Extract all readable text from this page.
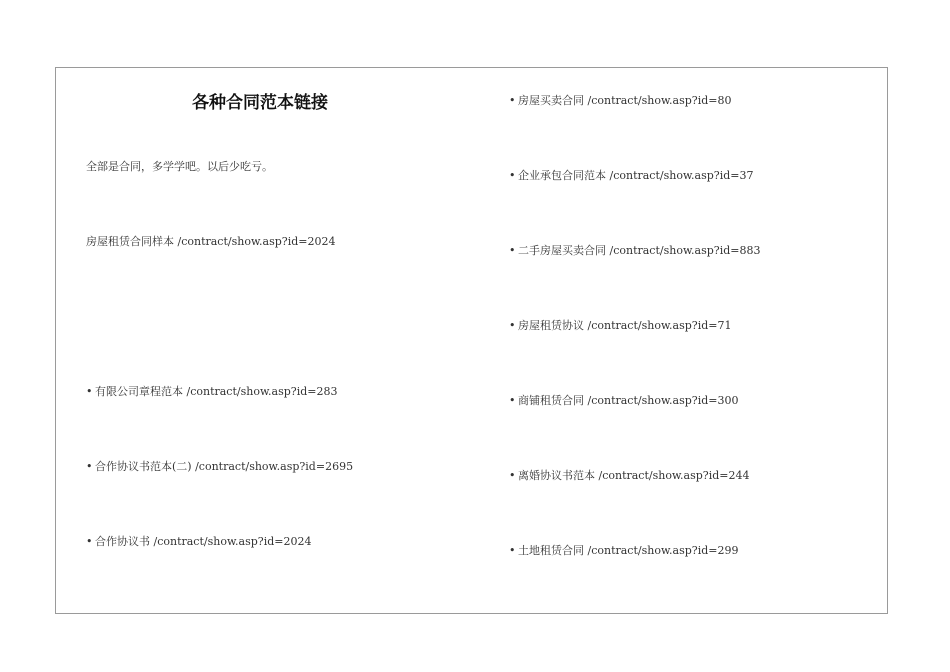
各种合同范本链接
全部是合同，多学学吧。以后少吃亏。
房屋租赁合同样本 /contract/show.asp?id=2024
• 有限公司章程范本 /contract/show.asp?id=283
• 合作协议书范本(二) /contract/show.asp?id=2695
• 合作协议书 /contract/show.asp?id=2024
• 房屋买卖合同 /contract/show.asp?id=80
• 企业承包合同范本 /contract/show.asp?id=37
• 二手房屋买卖合同 /contract/show.asp?id=883
• 房屋租赁协议 /contract/show.asp?id=71
• 商铺租赁合同 /contract/show.asp?id=300
• 离婚协议书范本 /contract/show.asp?id=244
• 土地租赁合同 /contract/show.asp?id=299
